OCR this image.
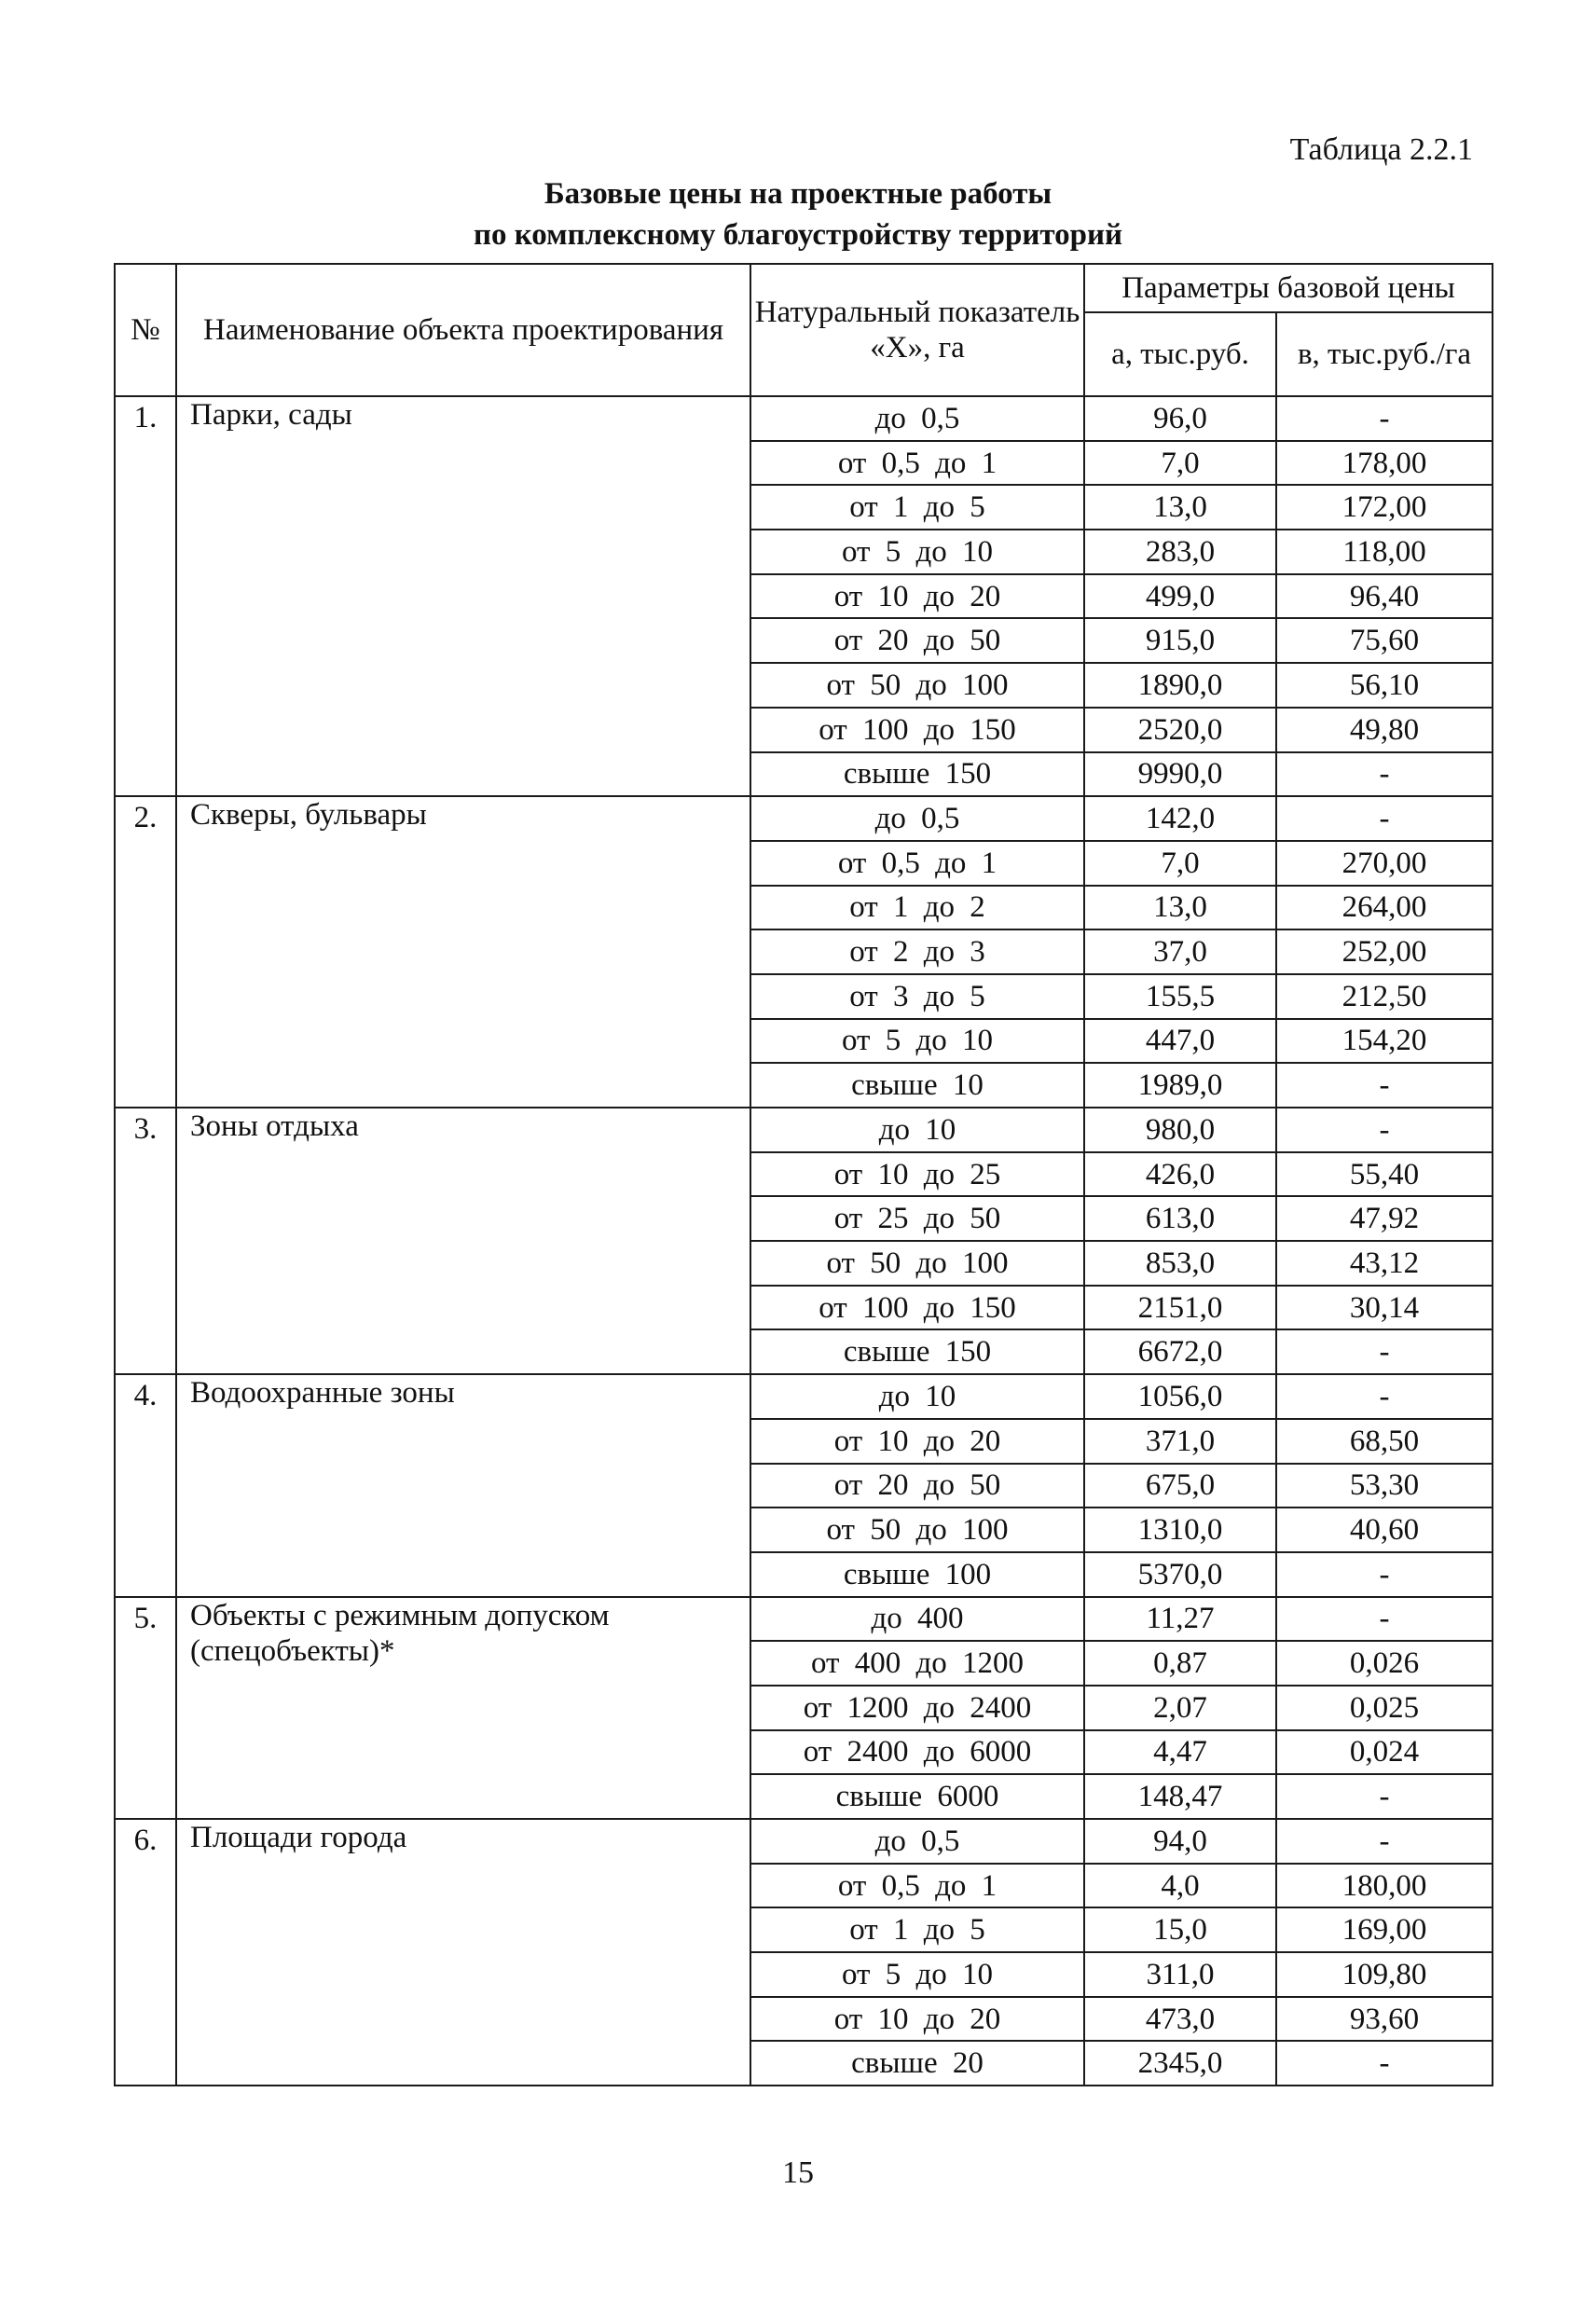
Таблица 2.2.1
Базовые цены на проектные работы
по комплексному благоустройству территорий
№	Наименование объекта проектирования	Натуральный показатель «X», га	Параметры базовой цены	
			а, тыс.руб.	в, тыс.руб./га
1.	Парки, сады	до 0,5	96,0	-
		от 0,5 до 1	7,0	178,00
		от 1 до 5	13,0	172,00
		от 5 до 10	283,0	118,00
		от 10 до 20	499,0	96,40
		от 20 до 50	915,0	75,60
		от 50 до 100	1890,0	56,10
		от 100 до 150	2520,0	49,80
		свыше 150	9990,0	-
2.	Скверы, бульвары	до 0,5	142,0	-
		от 0,5 до 1	7,0	270,00
		от 1 до 2	13,0	264,00
		от 2 до 3	37,0	252,00
		от 3 до 5	155,5	212,50
		от 5 до 10	447,0	154,20
		свыше 10	1989,0	-
3.	Зоны отдыха	до 10	980,0	-
		от 10 до 25	426,0	55,40
		от 25 до 50	613,0	47,92
		от 50 до 100	853,0	43,12
		от 100 до 150	2151,0	30,14
		свыше 150	6672,0	-
4.	Водоохранные зоны	до 10	1056,0	-
		от 10 до 20	371,0	68,50
		от 20 до 50	675,0	53,30
		от 50 до 100	1310,0	40,60
		свыше 100	5370,0	-
5.	Объекты с режимным допуском (спецобъекты)*	до 400	11,27	-
		от 400 до 1200	0,87	0,026
		от 1200 до 2400	2,07	0,025
		от 2400 до 6000	4,47	0,024
		свыше 6000	148,47	-
6.	Площади города	до 0,5	94,0	-
		от 0,5 до 1	4,0	180,00
		от 1 до 5	15,0	169,00
		от 5 до 10	311,0	109,80
		от 10 до 20	473,0	93,60
		свыше 20	2345,0	-
15
